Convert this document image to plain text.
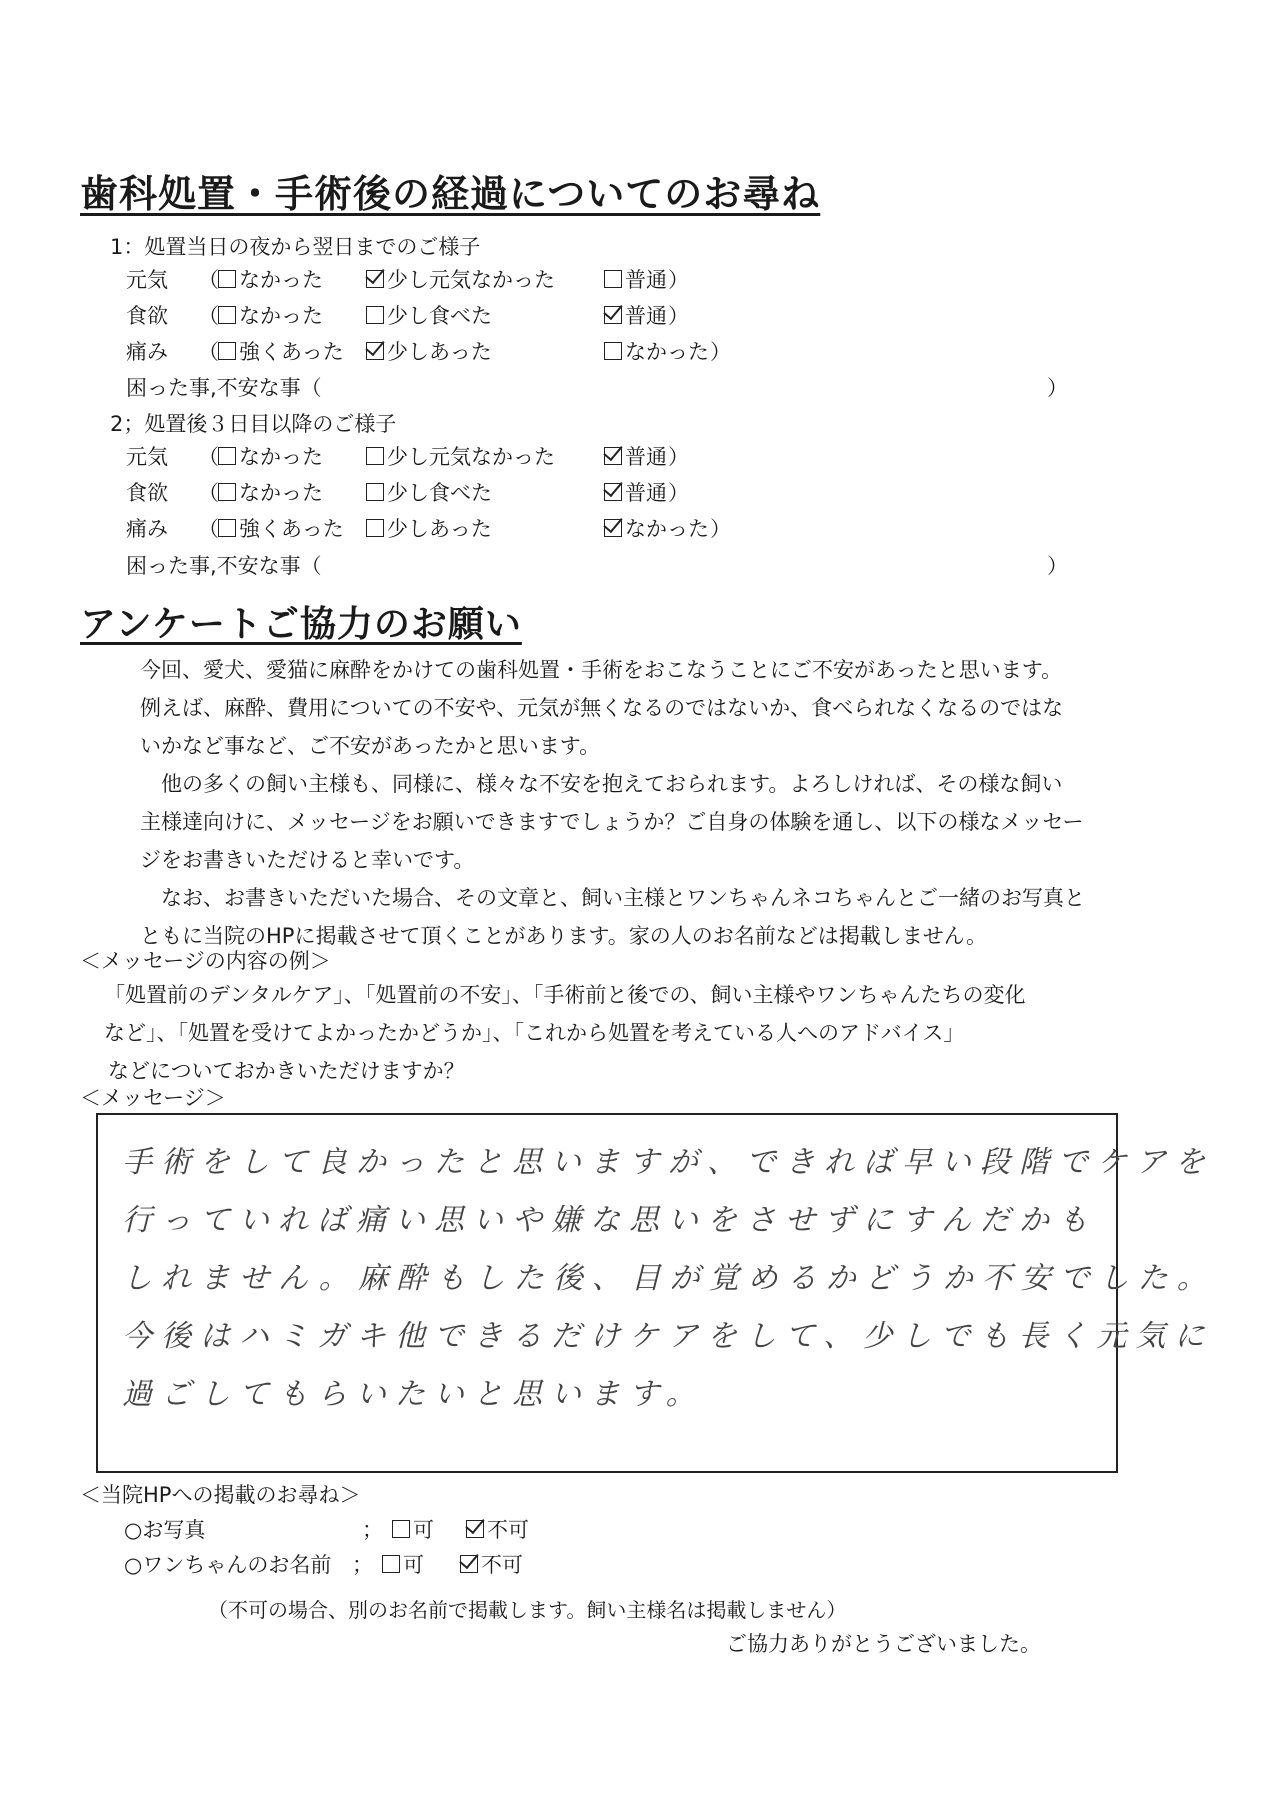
歯科処置・手術後の経過についてのお尋ね
1：処置当日の夜から翌日までのご様子
元気 （ なかった	少し元気なかった	普通 ）
食欲 （ なかった	少し食べた	普通 ）
痛み （ 強くあった	少しあった	なかった ）
困った事,不安な事（	）
2；処置後３日目以降のご様子
元気 （ なかった	少し元気なかった	普通 ）
食欲 （ なかった	少し食べた	普通 ）
痛み （ 強くあった	少しあった	なかった ）
困った事,不安な事（	）
アンケートご協力のお願い
今回、愛犬、愛猫に麻酔をかけての歯科処置・手術をおこなうことにご不安があったと思います。
例えば、麻酔、費用についての不安や、元気が無くなるのではないか、食べられなくなるのではな
いかなど事など、ご不安があったかと思います。
　他の多くの飼い主様も、同様に、様々な不安を抱えておられます。よろしければ、その様な飼い
主様達向けに、メッセージをお願いできますでしょうか？ご自身の体験を通し、以下の様なメッセー
ジをお書きいただけると幸いです。
　なお、お書きいただいた場合、その文章と、飼い主様とワンちゃんネコちゃんとご一緒のお写真と
ともに当院のHPに掲載させて頂くことがあります。家の人のお名前などは掲載しません。
＜メッセージの内容の例＞
「処置前のデンタルケア」、「処置前の不安」、「手術前と後での、飼い主様やワンちゃんたちの変化
など」、「処置を受けてよかったかどうか」、「これから処置を考えている人へのアドバイス」
などについておかきいただけますか？
＜メッセージ＞
手術をして良かったと思いますが、できれば早い段階でケアを
行っていれば痛い思いや嫌な思いをさせずにすんだかも
しれません。麻酔もした後、目が覚めるかどうか不安でした。
今後はハミガキ他できるだけケアをして、少しでも長く元気に
過ごしてもらいたいと思います。
＜当院HPへの掲載のお尋ね＞
○お写真	；	可	不可
○ワンちゃんのお名前 ；	可	不可
（不可の場合、別のお名前で掲載します。飼い主様名は掲載しません）
ご協力ありがとうございました。
